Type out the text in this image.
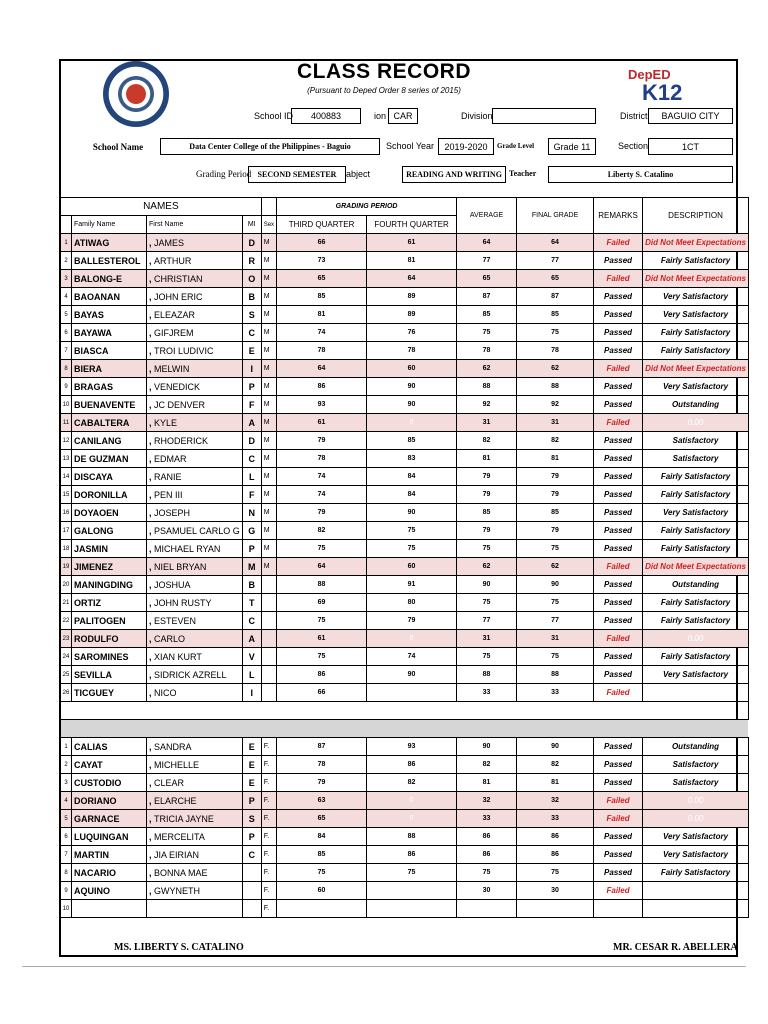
DepED
K12
CLASS RECORD
(Pursuant to Deped Order 8 series of 2015)
School ID	400883	ion CAR	Division	District	BAGUIO CITY
School Name	Data Center College of the Philippines - Baguio	School Year	2019-2020	Grade Level	Grade 11	Section	1CT
Grading Period SECOND SEMESTER	abject	READING AND WRITING Teacher	Liberty S. Catalino
NAMES					GRADING PERIOD		AVERAGE	FINAL GRADE	REMARKS	DESCRIPTION
	Family Name	First Name	MI	Sex	THIRD QUARTER	FOURTH QUARTER				
1	ATIWAG	, JAMES	D	M	66	61	64	64	Failed	Did Not Meet Expectations
2	BALLESTEROL	, ARTHUR	R	M	73	81	77	77	Passed	Fairly Satisfactory
3	BALONG-E	, CHRISTIAN	O	M	65	64	65	65	Failed	Did Not Meet Expectations
4	BAOANAN	, JOHN ERIC	B	M	85	89	87	87	Passed	Very Satisfactory
5	BAYAS	, ELEAZAR	S	M	81	89	85	85	Passed	Very Satisfactory
6	BAYAWA	, GIFJREM	C	M	74	76	75	75	Passed	Fairly Satisfactory
7	BIASCA	, TROI LUDIVIC	E	M	78	78	78	78	Passed	Fairly Satisfactory
8	BIERA	, MELWIN	I	M	64	60	62	62	Failed	Did Not Meet Expectations
9	BRAGAS	, VENEDICK	P	M	86	90	88	88	Passed	Very Satisfactory
10	BUENAVENTE	, JC DENVER	F	M	93	90	92	92	Passed	Outstanding
11	CABALTERA	, KYLE	A	M	61	0	31	31	Failed	0.00
12	CANILANG	, RHODERICK	D	M	79	85	82	82	Passed	Satisfactory
13	DE GUZMAN	, EDMAR	C	M	78	83	81	81	Passed	Satisfactory
14	DISCAYA	, RANIE	L	M	74	84	79	79	Passed	Fairly Satisfactory
15	DORONILLA	, PEN III	F	M	74	84	79	79	Passed	Fairly Satisfactory
16	DOYAOEN	, JOSEPH	N	M	79	90	85	85	Passed	Very Satisfactory
17	GALONG	, PSAMUEL CARLO G	G	M	82	75	79	79	Passed	Fairly Satisfactory
18	JASMIN	, MICHAEL RYAN	P	M	75	75	75	75	Passed	Fairly Satisfactory
19	JIMENEZ	, NIEL BRYAN	M	M	64	60	62	62	Failed	Did Not Meet Expectations
20	MANINGDING	, JOSHUA	B		88	91	90	90	Passed	Outstanding
21	ORTIZ	, JOHN RUSTY	T		69	80	75	75	Passed	Fairly Satisfactory
22	PALITOGEN	, ESTEVEN	C		75	79	77	77	Passed	Fairly Satisfactory
23	RODULFO	, CARLO	A		61	0	31	31	Failed	0.00
24	SAROMINES	, XIAN KURT	V		75	74	75	75	Passed	Fairly Satisfactory
25	SEVILLA	, SIDRICK AZRELL	L		86	90	88	88	Passed	Very Satisfactory
26	TICGUEY	, NICO	I		66		33	33	Failed	

1	CALIAS	, SANDRA	E	F.	87	93	90	90	Passed	Outstanding
2	CAYAT	, MICHELLE	E	F.	78	86	82	82	Passed	Satisfactory
3	CUSTODIO	, CLEAR	E	F.	79	82	81	81	Passed	Satisfactory
4	DORIANO	, ELARCHE	P	F.	63	0	32	32	Failed	0.00
5	GARNACE	, TRICIA JAYNE	S	F.	65	0	33	33	Failed	0.00
6	LUQUINGAN	, MERCELITA	P	F.	84	88	86	86	Passed	Very Satisfactory
7	MARTIN	, JIA EIRIAN	C	F.	85	86	86	86	Passed	Very Satisfactory
8	NACARIO	, BONNA MAE		F.	75	75	75	75	Passed	Fairly Satisfactory
9	AQUINO	, GWYNETH		F.	60		30	30	Failed	
10				F.						
MS. LIBERTY S. CATALINO	MR. CESAR R. ABELLERA
